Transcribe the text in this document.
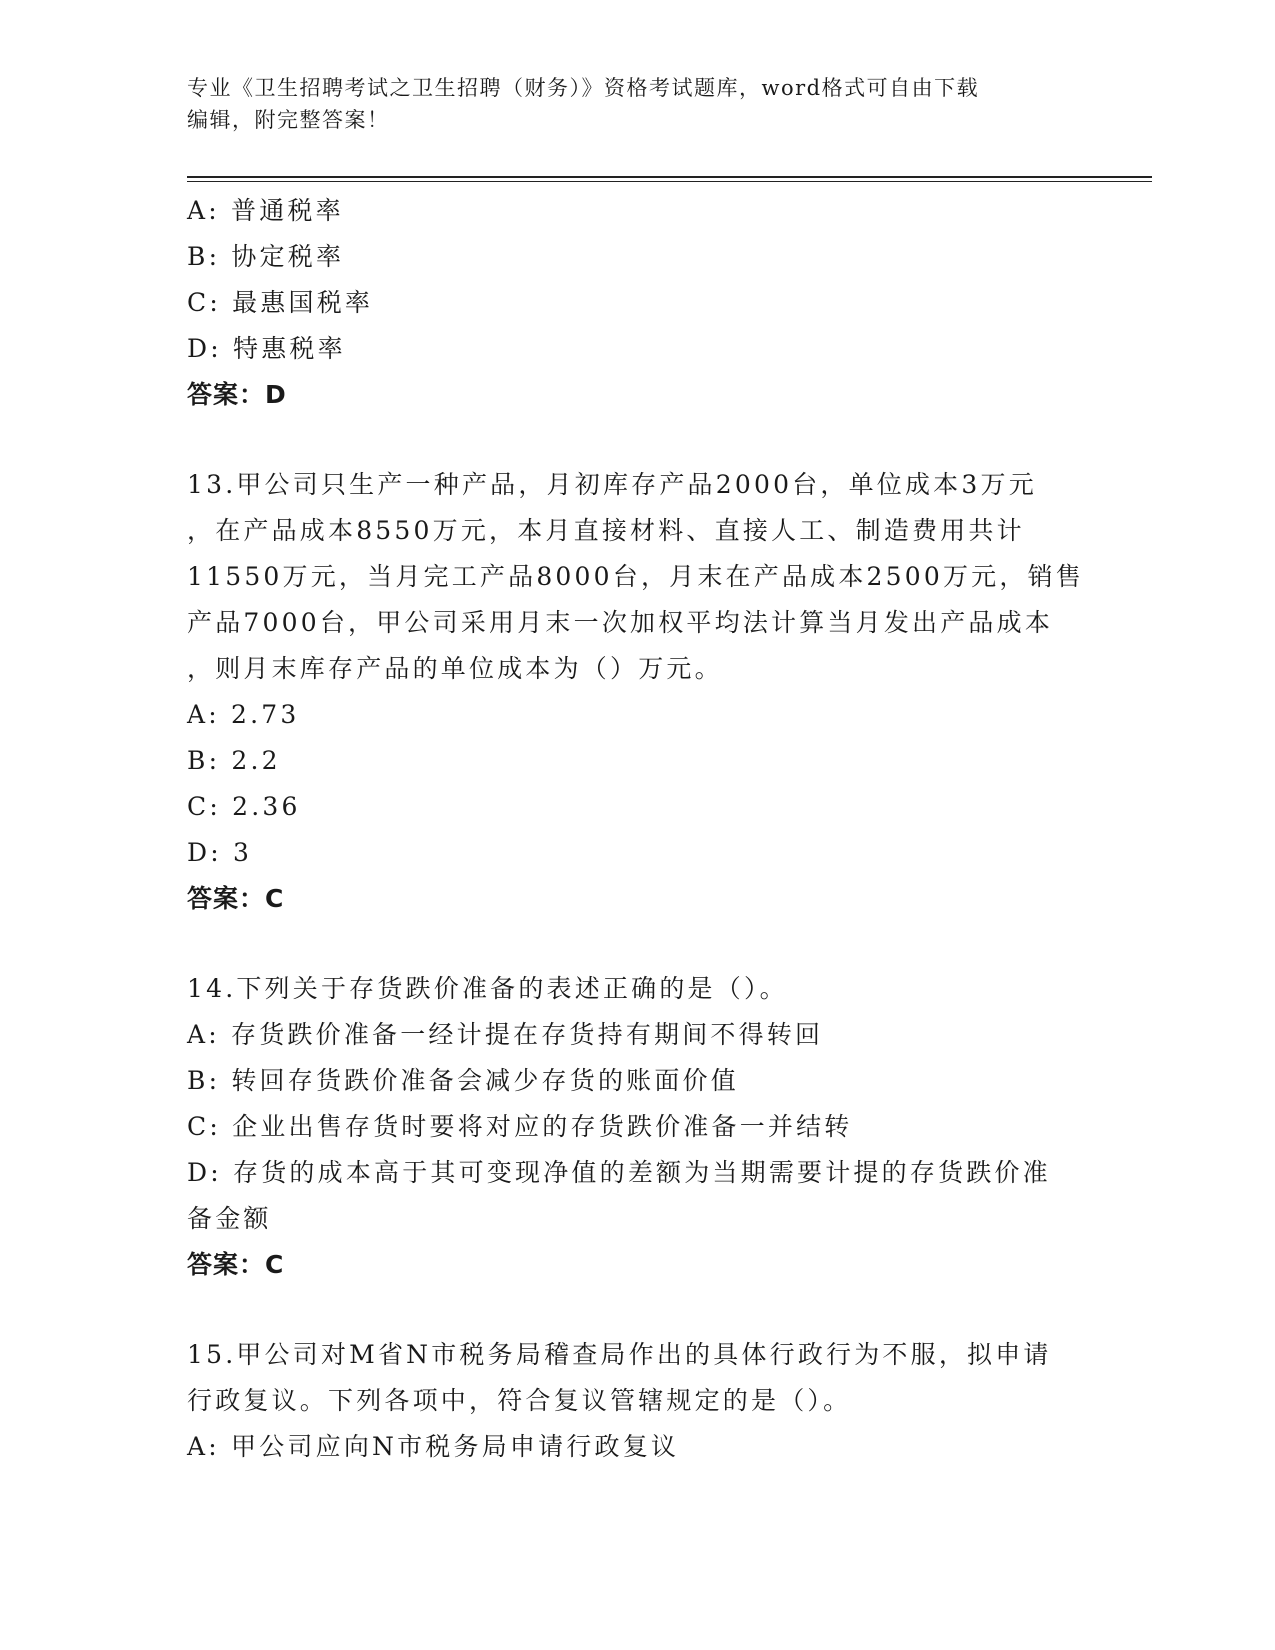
专业《卫生招聘考试之卫生招聘（财务）》资格考试题库，word格式可自由下载
编辑，附完整答案！
A: 普通税率
B: 协定税率
C: 最惠国税率
D: 特惠税率
答案：D
13.甲公司只生产一种产品，月初库存产品2000台，单位成本3万元
，在产品成本8550万元，本月直接材料、直接人工、制造费用共计
11550万元，当月完工产品8000台，月末在产品成本2500万元，销售
产品7000台，甲公司采用月末一次加权平均法计算当月发出产品成本
，则月末库存产品的单位成本为（）万元。
A: 2.73
B: 2.2
C: 2.36
D: 3
答案：C
14.下列关于存货跌价准备的表述正确的是（）。
A: 存货跌价准备一经计提在存货持有期间不得转回
B: 转回存货跌价准备会减少存货的账面价值
C: 企业出售存货时要将对应的存货跌价准备一并结转
D: 存货的成本高于其可变现净值的差额为当期需要计提的存货跌价准
备金额
答案：C
15.甲公司对M省N市税务局稽查局作出的具体行政行为不服，拟申请
行政复议。下列各项中，符合复议管辖规定的是（）。
A: 甲公司应向N市税务局申请行政复议
